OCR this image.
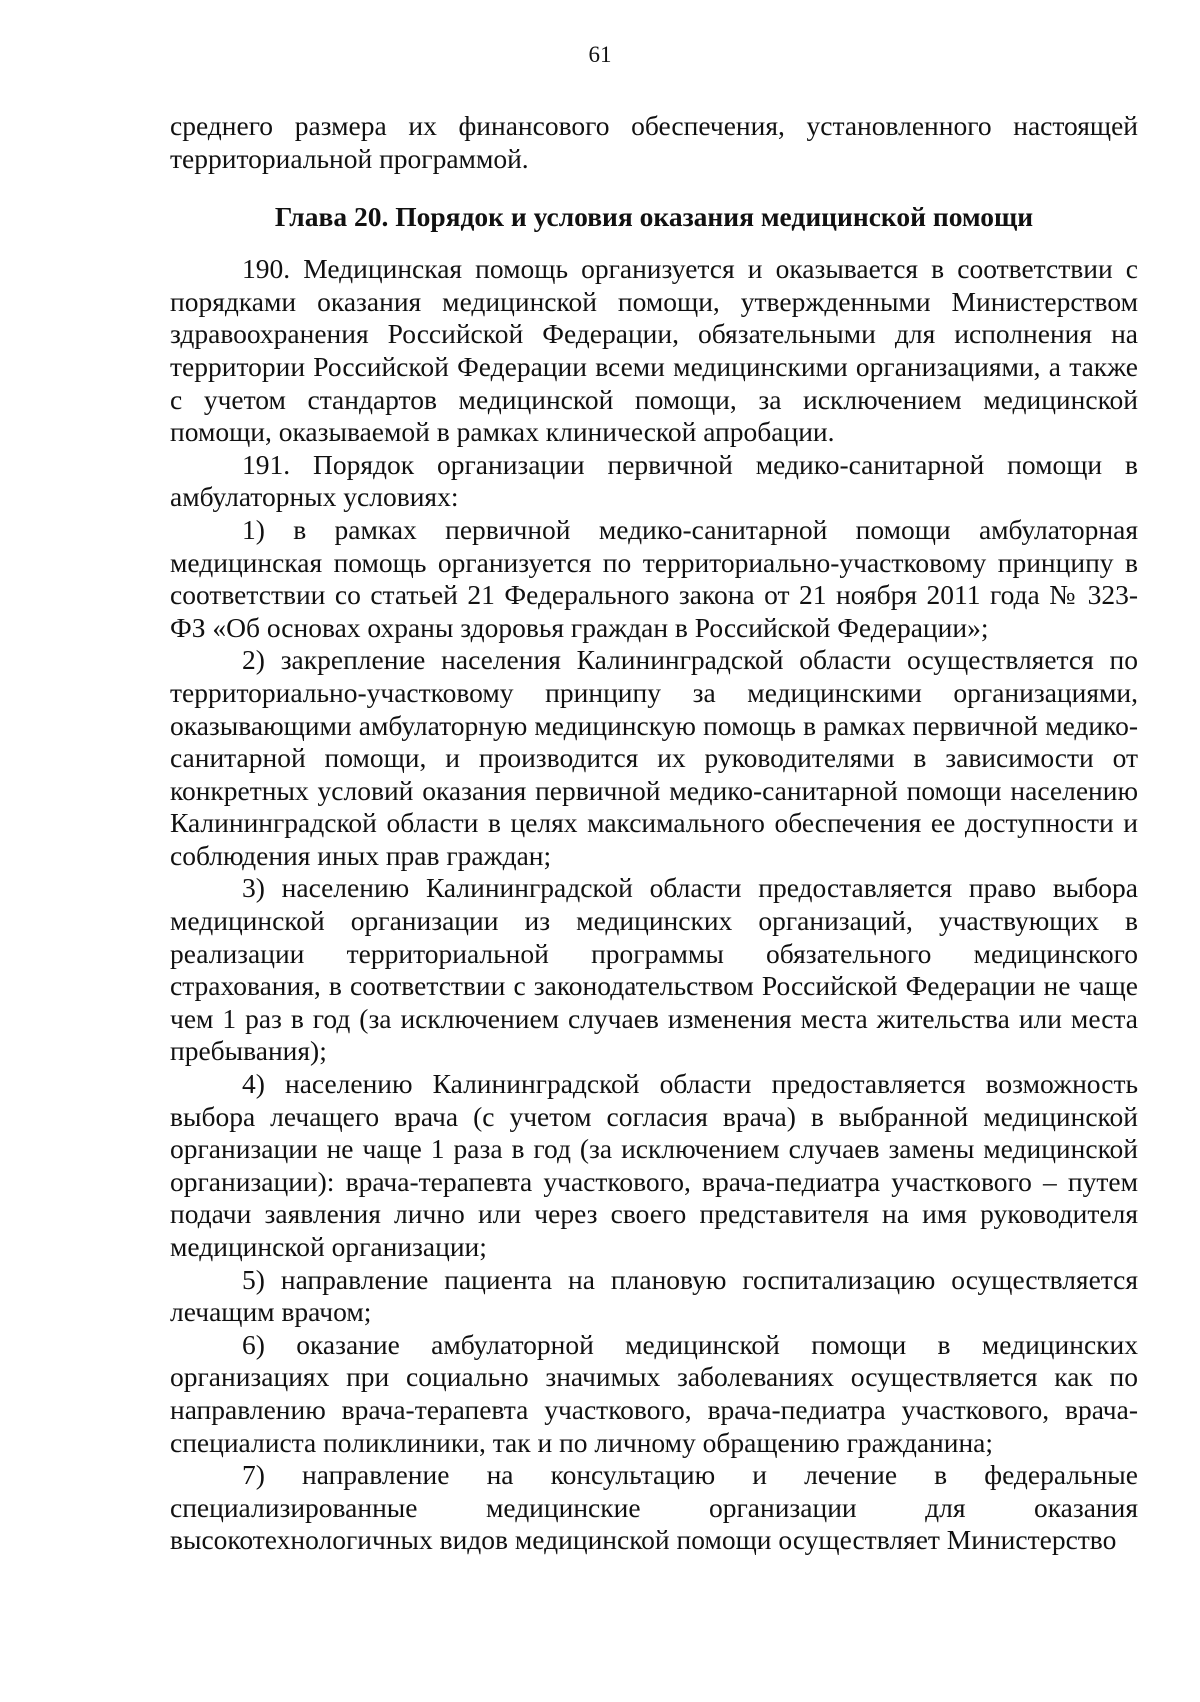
61

среднего размера их финансового обеспечения, установленного настоящей территориальной программой.

Глава 20. Порядок и условия оказания медицинской помощи

190. Медицинская помощь организуется и оказывается в соответствии с порядками оказания медицинской помощи, утвержденными Министерством здравоохранения Российской Федерации, обязательными для исполнения на территории Российской Федерации всеми медицинскими организациями, а также с учетом стандартов медицинской помощи, за исключением медицинской помощи, оказываемой в рамках клинической апробации.

191. Порядок организации первичной медико-санитарной помощи в амбулаторных условиях:

1) в рамках первичной медико-санитарной помощи амбулаторная медицинская помощь организуется по территориально-участковому принципу в соответствии со статьей 21 Федерального закона от 21 ноября 2011 года № 323-ФЗ «Об основах охраны здоровья граждан в Российской Федерации»;

2) закрепление населения Калининградской области осуществляется по территориально-участковому принципу за медицинскими организациями, оказывающими амбулаторную медицинскую помощь в рамках первичной медико-санитарной помощи, и производится их руководителями в зависимости от конкретных условий оказания первичной медико-санитарной помощи населению Калининградской области в целях максимального обеспечения ее доступности и соблюдения иных прав граждан;

3) населению Калининградской области предоставляется право выбора медицинской организации из медицинских организаций, участвующих в реализации территориальной программы обязательного медицинского страхования, в соответствии с законодательством Российской Федерации не чаще чем 1 раз в год (за исключением случаев изменения места жительства или места пребывания);

4) населению Калининградской области предоставляется возможность выбора лечащего врача (с учетом согласия врача) в выбранной медицинской организации не чаще 1 раза в год (за исключением случаев замены медицинской организации): врача-терапевта участкового, врача-педиатра участкового – путем подачи заявления лично или через своего представителя на имя руководителя медицинской организации;

5) направление пациента на плановую госпитализацию осуществляется лечащим врачом;

6) оказание амбулаторной медицинской помощи в медицинских организациях при социально значимых заболеваниях осуществляется как по направлению врача-терапевта участкового, врача-педиатра участкового, врача-специалиста поликлиники, так и по личному обращению гражданина;

7) направление на консультацию и лечение в федеральные специализированные медицинские организации для оказания высокотехнологичных видов медицинской помощи осуществляет Министерство
